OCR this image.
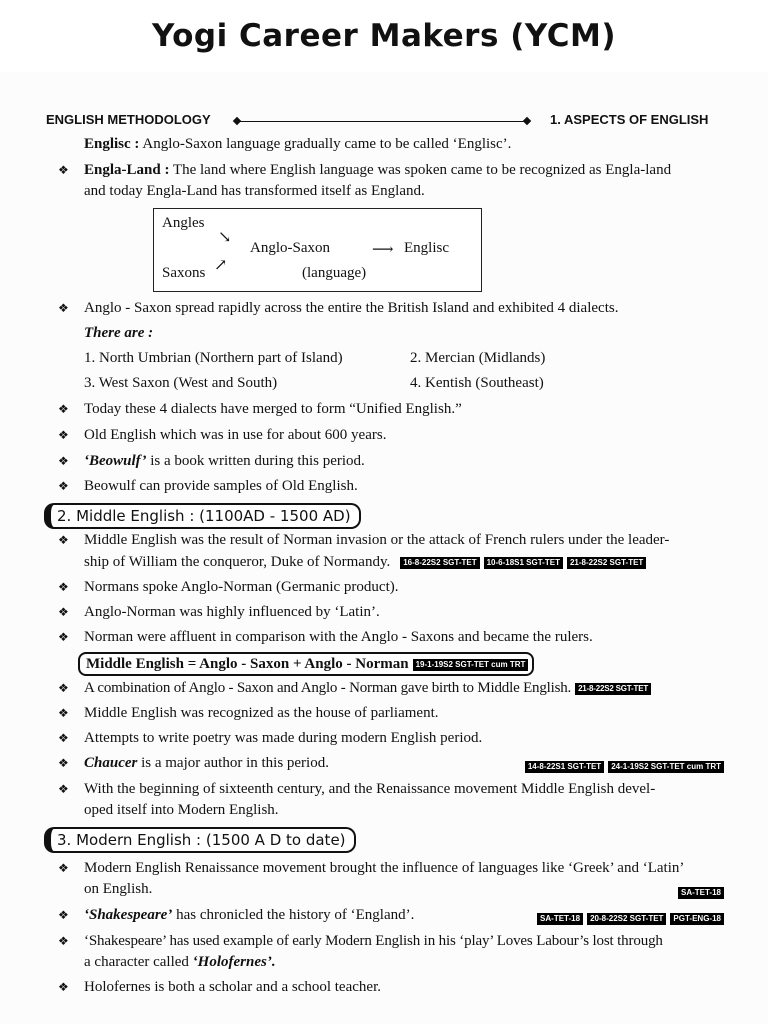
Yogi Career Makers (YCM)
ENGLISH METHODOLOGY	1. ASPECTS OF ENGLISH
Englisc : Anglo-Saxon language gradually came to be called ‘Englisc’.
❖ Engla-Land : The land where English language was spoken came to be recognized as Engla-land
and today Engla-Land has transformed itself as England.
Angles
↘
Anglo-Saxon	⟶ Englisc
Saxons ↗	(language)
❖ Anglo - Saxon spread rapidly across the entire the British Island and exhibited 4 dialects.
There are :
1. North Umbrian (Northern part of Island)	2. Mercian (Midlands)
3. West Saxon (West and South)	4. Kentish (Southeast)
❖ Today these 4 dialects have merged to form “Unified English.”
❖ Old English which was in use for about 600 years.
❖ ‘Beowulf’ is a book written during this period.
❖ Beowulf can provide samples of Old English.
2. Middle English : (1100AD - 1500 AD)
❖ Middle English was the result of Norman invasion or the attack of French rulers under the leader-
ship of William the conqueror, Duke of Normandy. 16-8-22S2 SGT-TET 10-6-18S1 SGT-TET 21-8-22S2 SGT-TET
❖ Normans spoke Anglo-Norman (Germanic product).
❖ Anglo-Norman was highly influenced by ‘Latin’.
❖ Norman were affluent in comparison with the Anglo - Saxons and became the rulers.
Middle English = Anglo - Saxon + Anglo - Norman 19-1-19S2 SGT-TET cum TRT
❖ A combination of Anglo - Saxon and Anglo - Norman gave birth to Middle English. 21-8-22S2 SGT-TET
❖ Middle English was recognized as the house of parliament.
❖ Attempts to write poetry was made during modern English period.
❖ Chaucer is a major author in this period.	14-8-22S1 SGT-TET 24-1-19S2 SGT-TET cum TRT
❖ With the beginning of sixteenth century, and the Renaissance movement Middle English devel-
oped itself into Modern English.
3. Modern English : (1500 A D to date)
❖ Modern English Renaissance movement brought the influence of languages like ‘Greek’ and ‘Latin’
on English.	SA-TET-18
❖ ‘Shakespeare’ has chronicled the history of ‘England’.	SA-TET-18 20-8-22S2 SGT-TET PGT-ENG-18
❖ ‘Shakespeare’ has used example of early Modern English in his ‘play’ Loves Labour’s lost through
a character called ‘Holofernes’.
❖ Holofernes is both a scholar and a school teacher.
